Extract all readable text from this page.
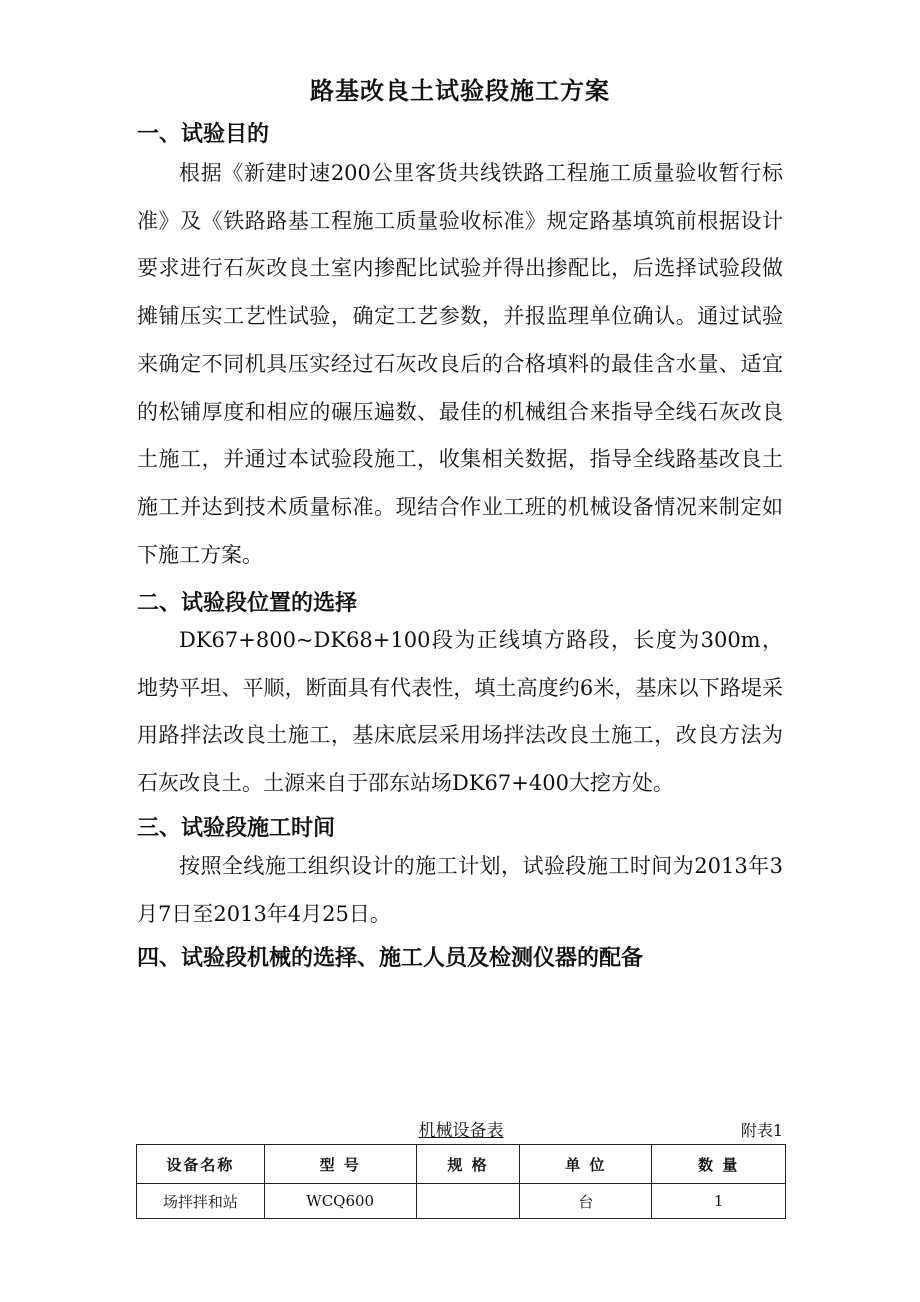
路基改良土试验段施工方案
一、试验目的

根据《新建时速200公里客货共线铁路工程施工质量验收暂行标准》及《铁路路基工程施工质量验收标准》规定路基填筑前根据设计要求进行石灰改良土室内掺配比试验并得出掺配比，后选择试验段做摊铺压实工艺性试验，确定工艺参数，并报监理单位确认。通过试验来确定不同机具压实经过石灰改良后的合格填料的最佳含水量、适宜的松铺厚度和相应的碾压遍数、最佳的机械组合来指导全线石灰改良土施工，并通过本试验段施工，收集相关数据，指导全线路基改良土施工并达到技术质量标准。现结合作业工班的机械设备情况来制定如下施工方案。

二、试验段位置的选择

DK67+800~DK68+100段为正线填方路段，长度为300m，地势平坦、平顺，断面具有代表性，填土高度约6米，基床以下路堤采用路拌法改良土施工，基床底层采用场拌法改良土施工，改良方法为石灰改良土。土源来自于邵东站场DK67+400大挖方处。

三、试验段施工时间

按照全线施工组织设计的施工计划，试验段施工时间为2013年3月7日至2013年4月25日。

四、试验段机械的选择、施工人员及检测仪器的配备
机械设备表	附表1
设备名称	型 号	规 格	单 位	数 量
场拌拌和站	WCQ600		台	1
